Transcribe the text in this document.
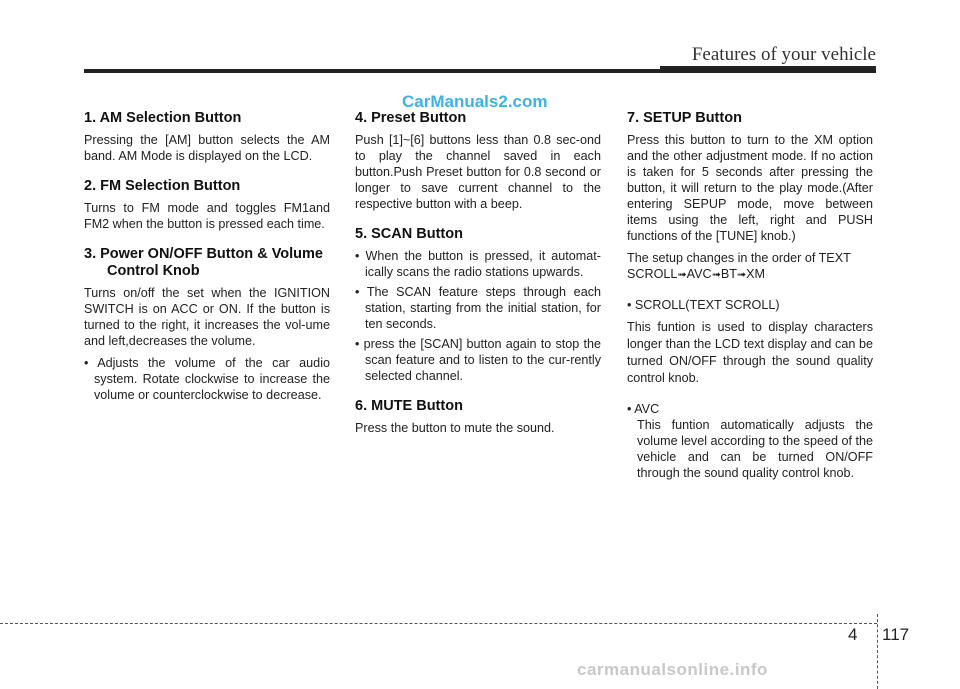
Features of your vehicle
CarManuals2.com
1. AM Selection Button
Pressing the [AM] button selects the AM band. AM Mode is displayed on the LCD.
2. FM Selection Button
Turns to FM mode and toggles FM1and FM2 when the button is pressed each time.
3. Power ON/OFF Button & Volume
Control Knob
Turns on/off the set when the IGNITION SWITCH is on ACC or ON. If the button is turned to the right, it increases the vol-ume and left,decreases the volume.
• Adjusts the volume of the car audio system. Rotate clockwise to increase the volume or counterclockwise to decrease.
4. Preset Button
Push [1]~[6] buttons less than 0.8 sec-ond to play the channel saved in each button.Push Preset button for 0.8 second or longer to save current channel to the respective button with a beep.
5. SCAN Button
• When the button is pressed, it automat-ically scans the radio stations upwards.
• The SCAN feature steps through each station, starting from the initial station, for ten seconds.
• press the [SCAN] button again to stop the scan feature and to listen to the cur-rently selected channel.
6. MUTE Button
Press the button to mute the sound.
7. SETUP Button
Press this button to turn to the XM option and the other adjustment mode. If no action is taken for 5 seconds after pressing the button, it will return to the play mode.(After entering SEPUP mode, move between items using the left, right and PUSH functions of the [TUNE] knob.)
The setup changes in the order of TEXT
SCROLL➟AVC➟BT➟XM
• SCROLL(TEXT SCROLL)
This funtion is used to display characters longer than the LCD text display and can be turned ON/OFF through the sound quality control knob.
• AVC
This funtion automatically adjusts the volume level according to the speed of the vehicle and can be turned ON/OFF through the sound quality control knob.
4 117
carmanualsonline.info
